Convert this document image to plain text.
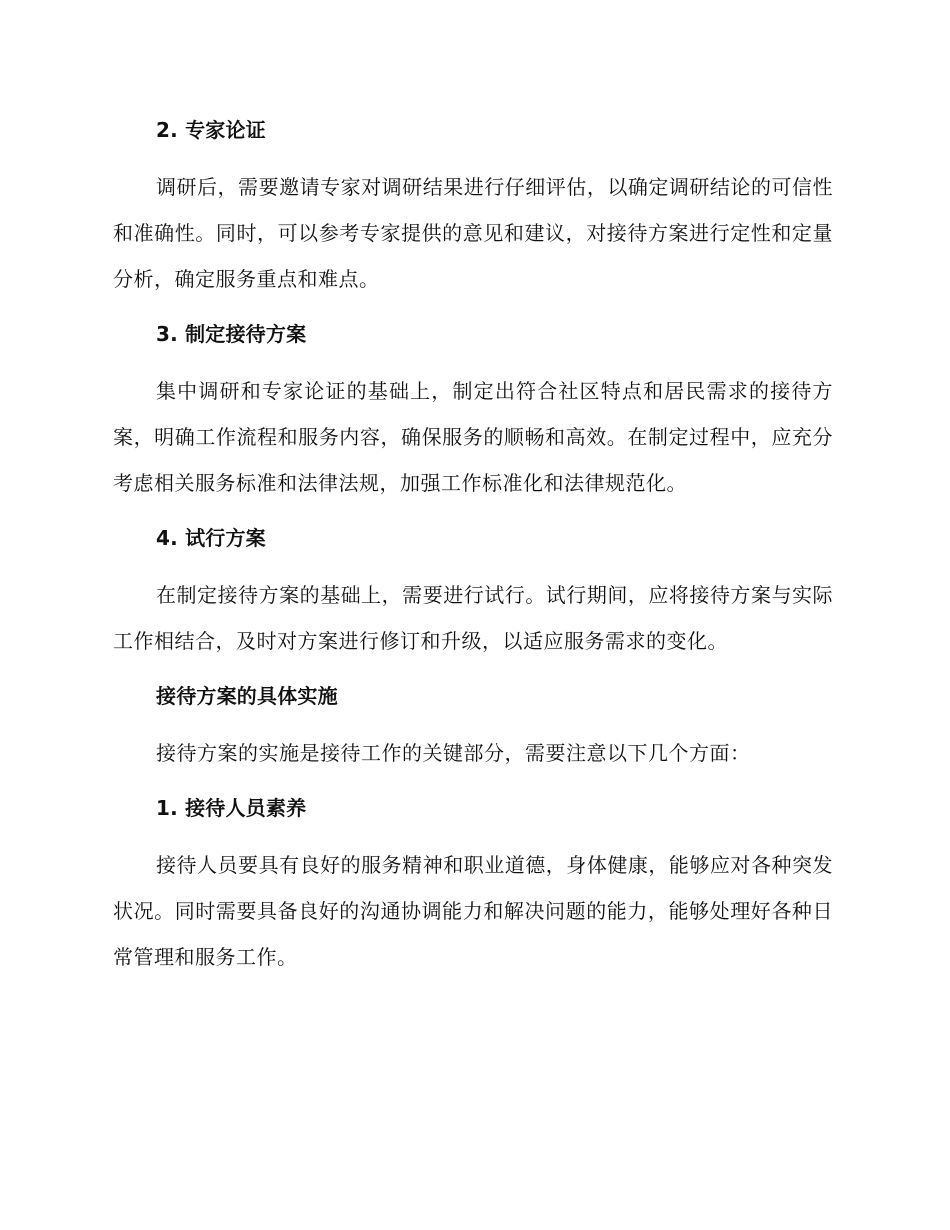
2. 专家论证

调研后，需要邀请专家对调研结果进行仔细评估，以确定调研结论的可信性和准确性。同时，可以参考专家提供的意见和建议，对接待方案进行定性和定量分析，确定服务重点和难点。

3. 制定接待方案

集中调研和专家论证的基础上，制定出符合社区特点和居民需求的接待方案，明确工作流程和服务内容，确保服务的顺畅和高效。在制定过程中，应充分考虑相关服务标准和法律法规，加强工作标准化和法律规范化。

4. 试行方案

在制定接待方案的基础上，需要进行试行。试行期间，应将接待方案与实际工作相结合，及时对方案进行修订和升级，以适应服务需求的变化。

接待方案的具体实施

接待方案的实施是接待工作的关键部分，需要注意以下几个方面：

1. 接待人员素养

接待人员要具有良好的服务精神和职业道德，身体健康，能够应对各种突发状况。同时需要具备良好的沟通协调能力和解决问题的能力，能够处理好各种日常管理和服务工作。
